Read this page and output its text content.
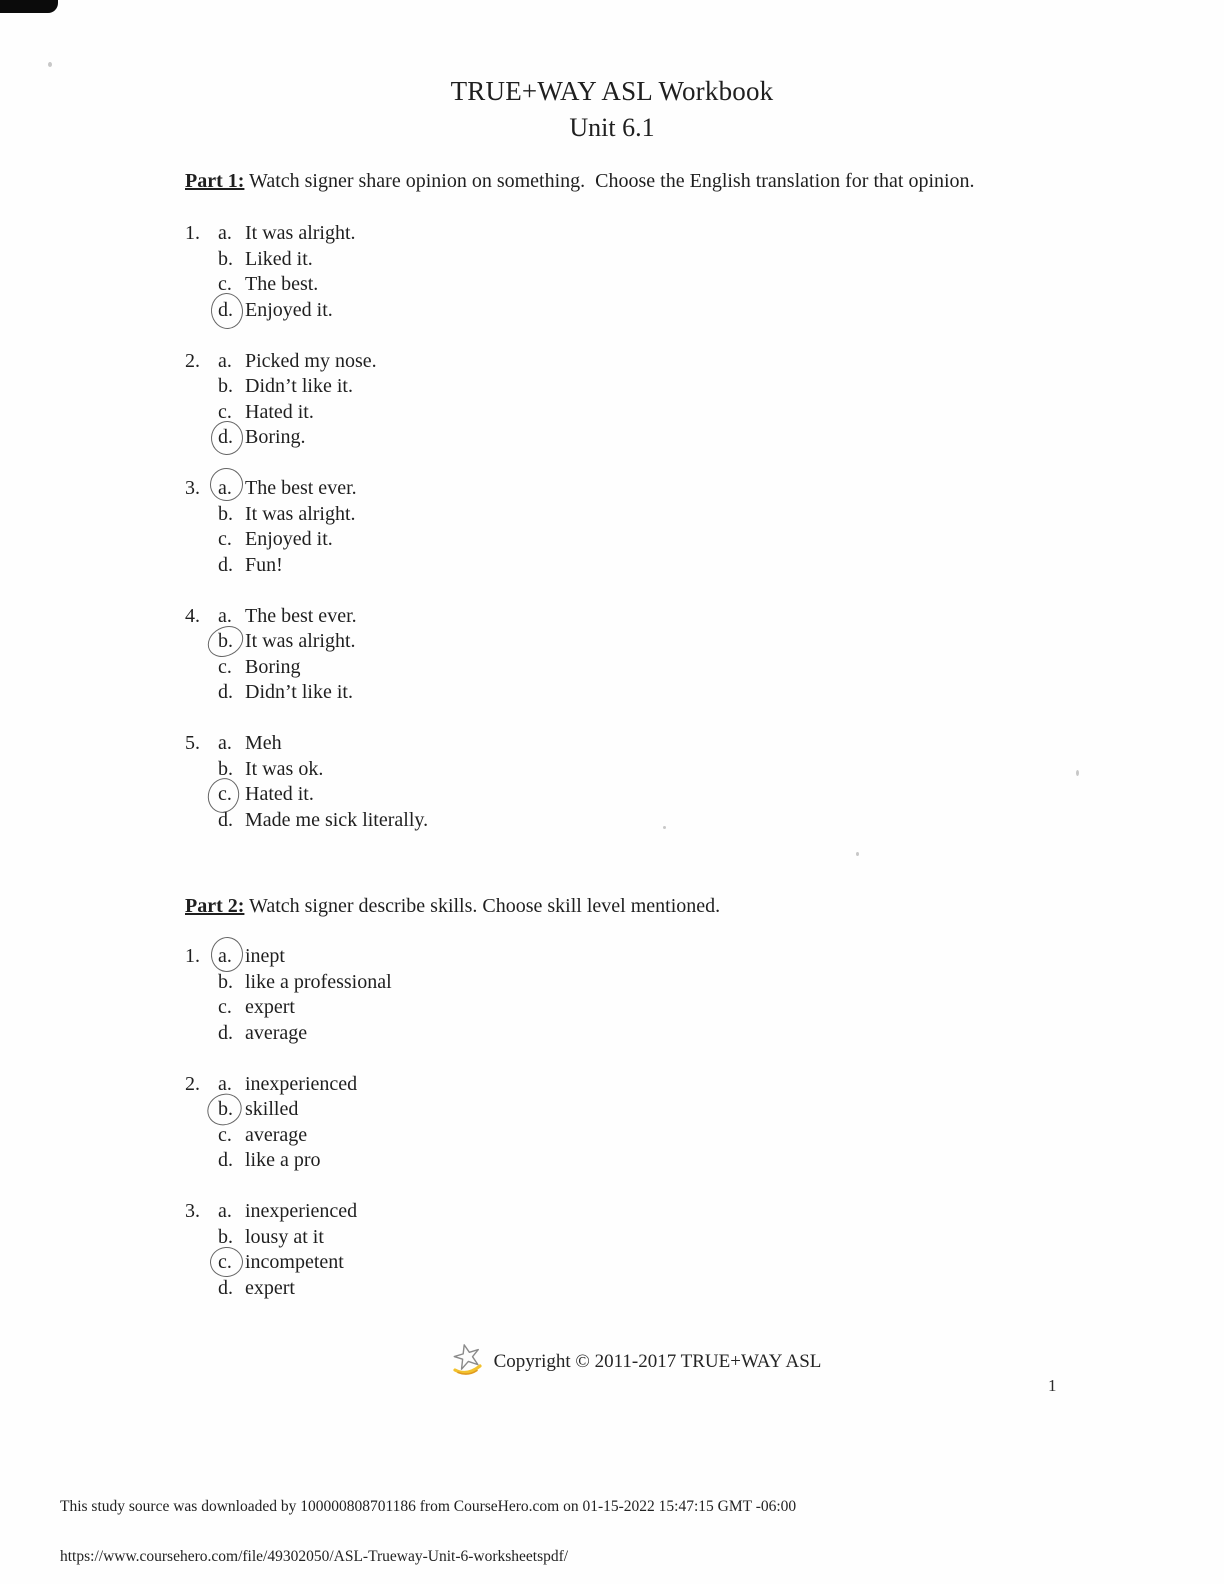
TRUE+WAY ASL Workbook
Unit 6.1

Part 1: Watch signer share opinion on something.  Choose the English translation for that opinion.

1. a. It was alright.
b. Liked it.
c. The best.
d. Enjoyed it.
2. a. Picked my nose.
b. Didn’t like it.
c. Hated it.
d. Boring.
3. a. The best ever.
b. It was alright.
c. Enjoyed it.
d. Fun!
4. a. The best ever.
b. It was alright.
c. Boring
d. Didn’t like it.
5. a. Meh
b. It was ok.
c. Hated it.
d. Made me sick literally.

Part 2: Watch signer describe skills. Choose skill level mentioned.

1. a. inept
b. like a professional
c. expert
d. average
2. a. inexperienced
b. skilled
c. average
d. like a pro
3. a. inexperienced
b. lousy at it
c. incompetent
d. expert
Copyright © 2011-2017 TRUE+WAY ASL
1
This study source was downloaded by 100000808701186 from CourseHero.com on 01-15-2022 15:47:15 GMT -06:00
https://www.coursehero.com/file/49302050/ASL-Trueway-Unit-6-worksheetspdf/
